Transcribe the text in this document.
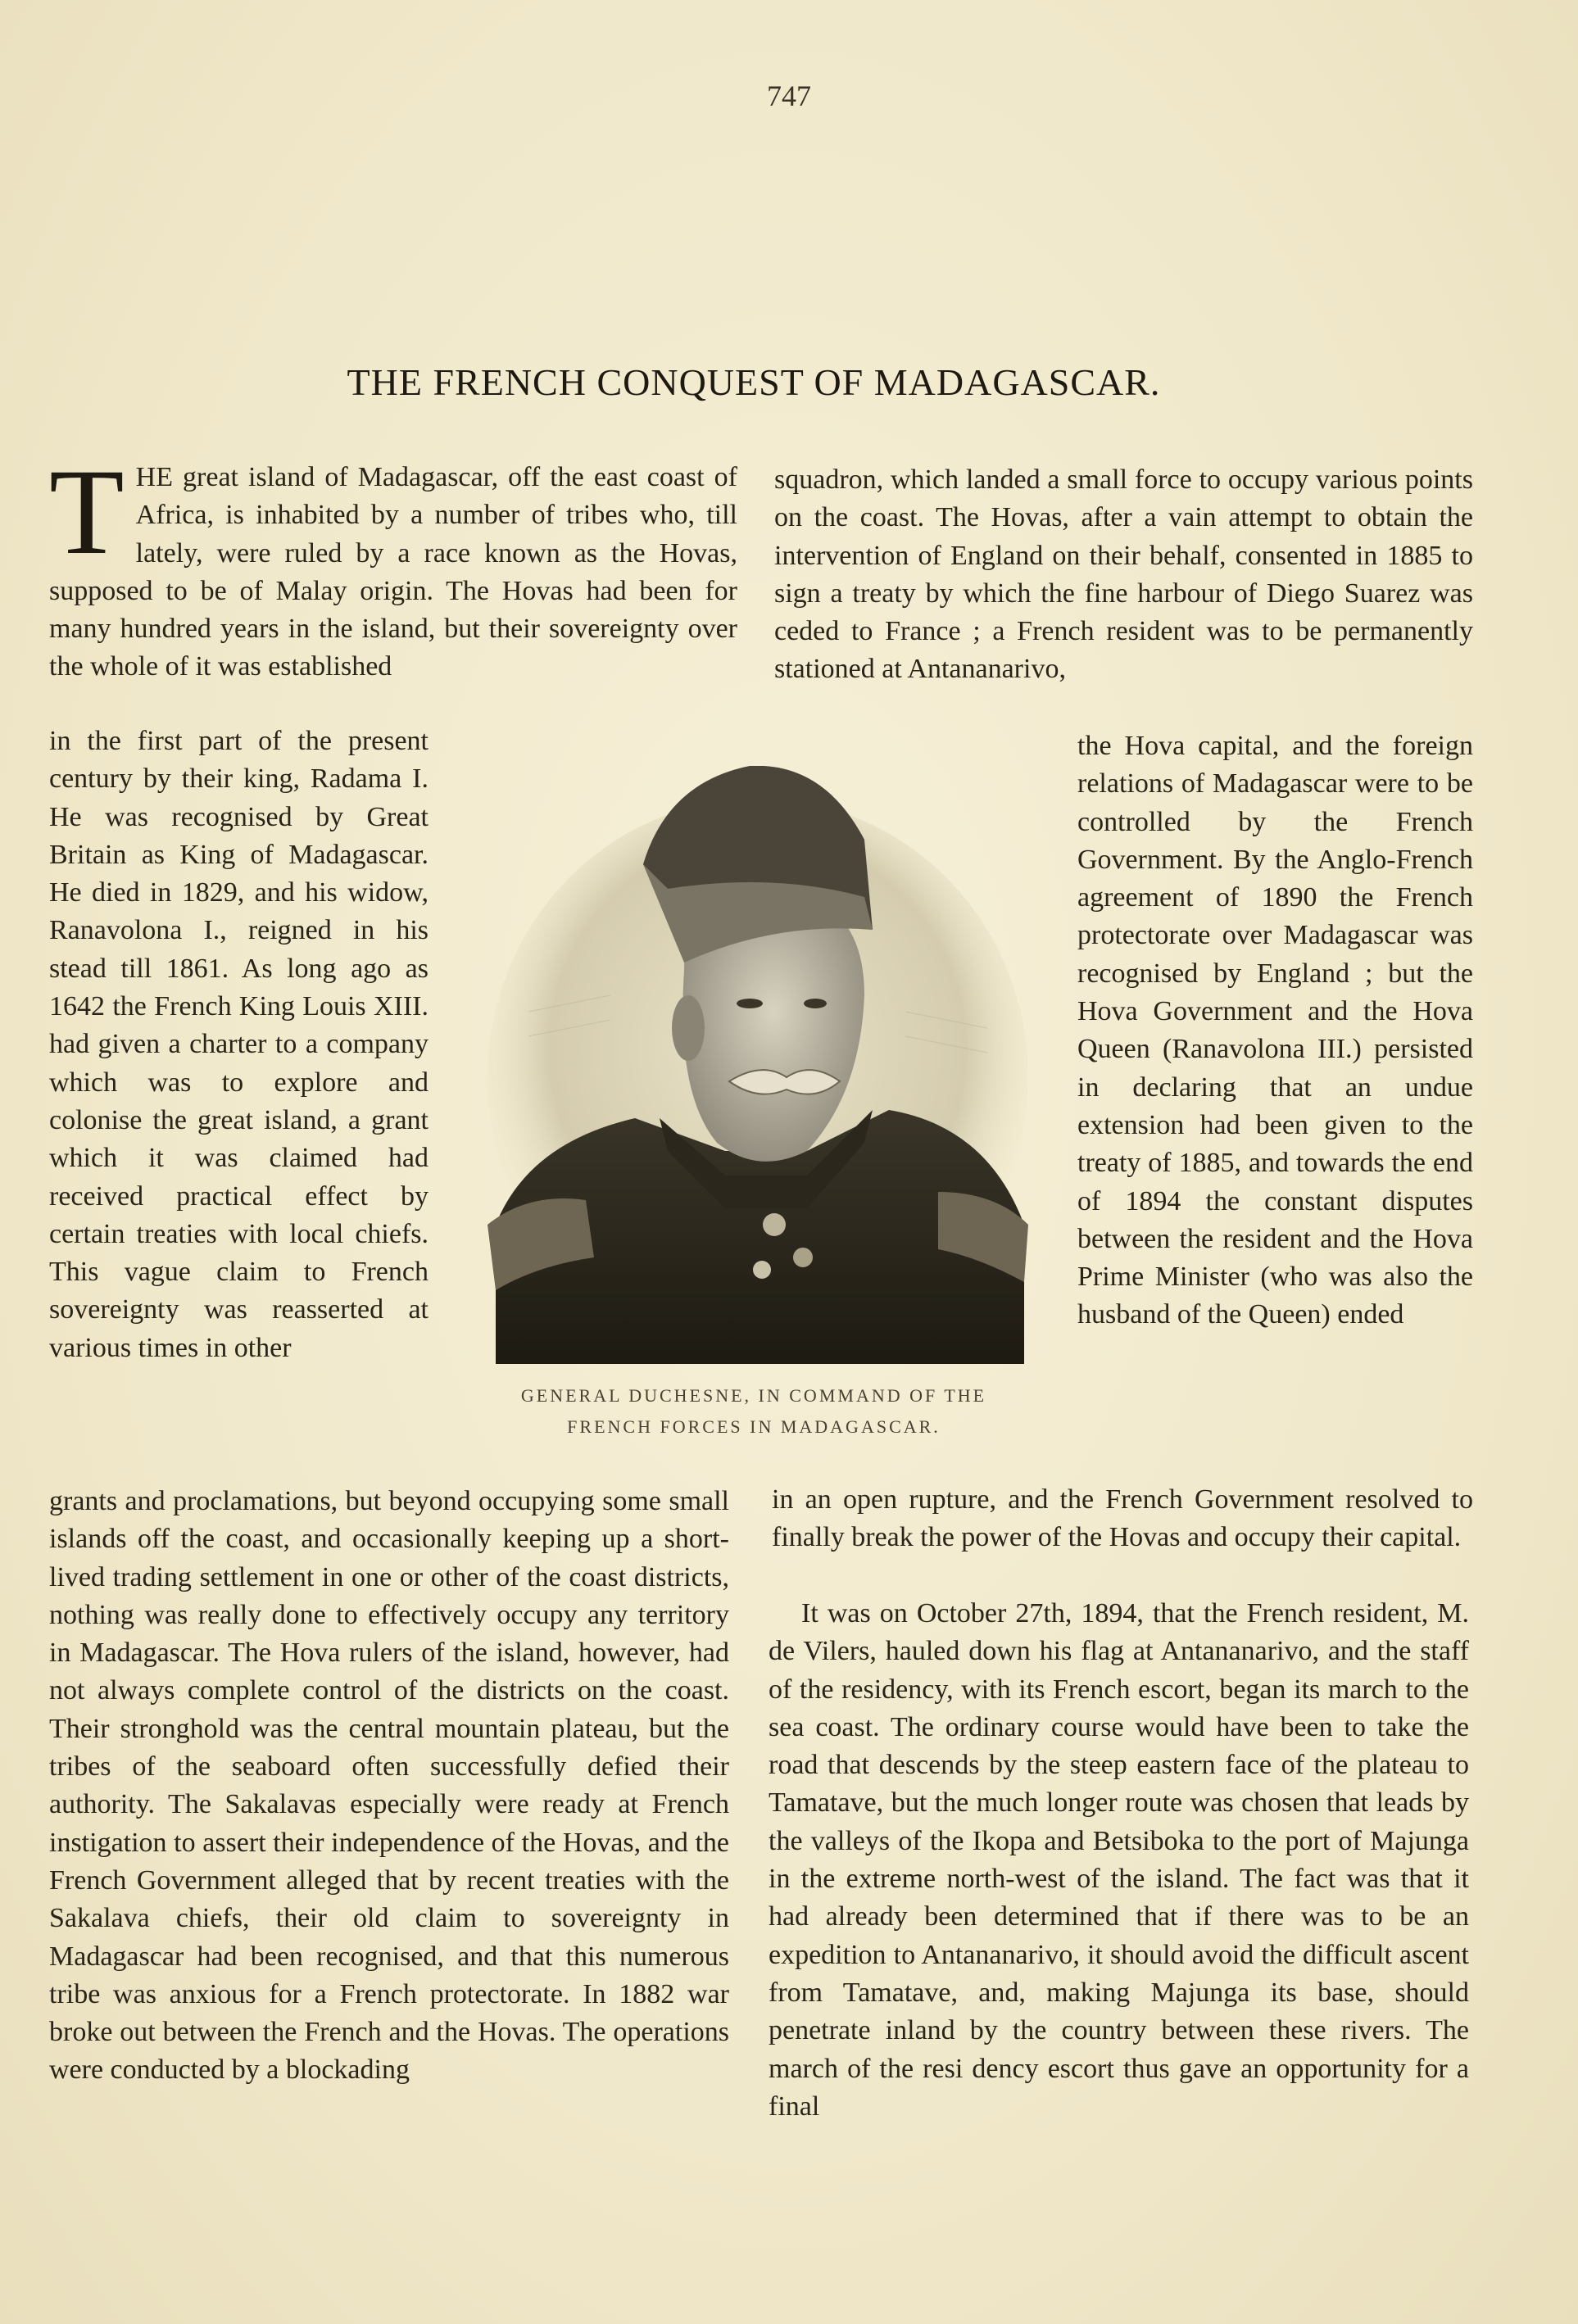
747
THE FRENCH CONQUEST OF MADAGASCAR.

THE great island of Madagascar, off the east coast of Africa, is inhabited by a number of tribes who, till lately, were ruled by a race known as the Hovas, supposed to be of Malay origin. The Hovas had been for many hundred years in the island, but their sovereignty over the whole of it was established

in the first part of the present century by their king, Radama I. He was recognised by Great Britain as King of Madagascar. He died in 1829, and his widow, Ranavolona I., reigned in his stead till 1861. As long ago as 1642 the French King Louis XIII. had given a charter to a company which was to explore and colonise the great island, a grant which it was claimed had received practical effect by certain treaties with local chiefs. This vague claim to French sovereignty was reasserted at various times in other

grants and proclamations, but beyond occupying some small islands off the coast, and occasionally keeping up a short-lived trading settlement in one or other of the coast districts, nothing was really done to effectively occupy any territory in Madagascar. The Hova rulers of the island, however, had not always complete control of the districts on the coast. Their stronghold was the central mountain plateau, but the tribes of the seaboard often successfully defied their authority. The Sakalavas especially were ready at French instigation to assert their independence of the Hovas, and the French Government alleged that by recent treaties with the Sakalava chiefs, their old claim to sovereignty in Madagascar had been recognised, and that this numerous tribe was anxious for a French protectorate. In 1882 war broke out between the French and the Hovas. The operations were conducted by a blockading

squadron, which landed a small force to occupy various points on the coast. The Hovas, after a vain attempt to obtain the intervention of England on their behalf, consented in 1885 to sign a treaty by which the fine harbour of Diego Suarez was ceded to France ; a French resident was to be permanently stationed at Antananarivo,

the Hova capital, and the foreign relations of Madagascar were to be controlled by the French Government. By the Anglo-French agreement of 1890 the French protectorate over Madagascar was recognised by England ; but the Hova Government and the Hova Queen (Ranavolona III.) persisted in declaring that an undue extension had been given to the treaty of 1885, and towards the end of 1894 the constant disputes between the resident and the Hova Prime Minister (who was also the husband of the Queen) ended

in an open rupture, and the French Government resolved to finally break the power of the Hovas and occupy their capital.

It was on October 27th, 1894, that the French resident, M. de Vilers, hauled down his flag at Antananarivo, and the staff of the residency, with its French escort, began its march to the sea coast. The ordinary course would have been to take the road that descends by the steep eastern face of the plateau to Tamatave, but the much longer route was chosen that leads by the valleys of the Ikopa and Betsiboka to the port of Majunga in the extreme north-west of the island. The fact was that it had already been determined that if there was to be an expedition to Antananarivo, it should avoid the difficult ascent from Tamatave, and, making Majunga its base, should penetrate inland by the country between these rivers. The march of the resi dency escort thus gave an opportunity for a final

GENERAL DUCHESNE, IN COMMAND OF THE
FRENCH FORCES IN MADAGASCAR.
